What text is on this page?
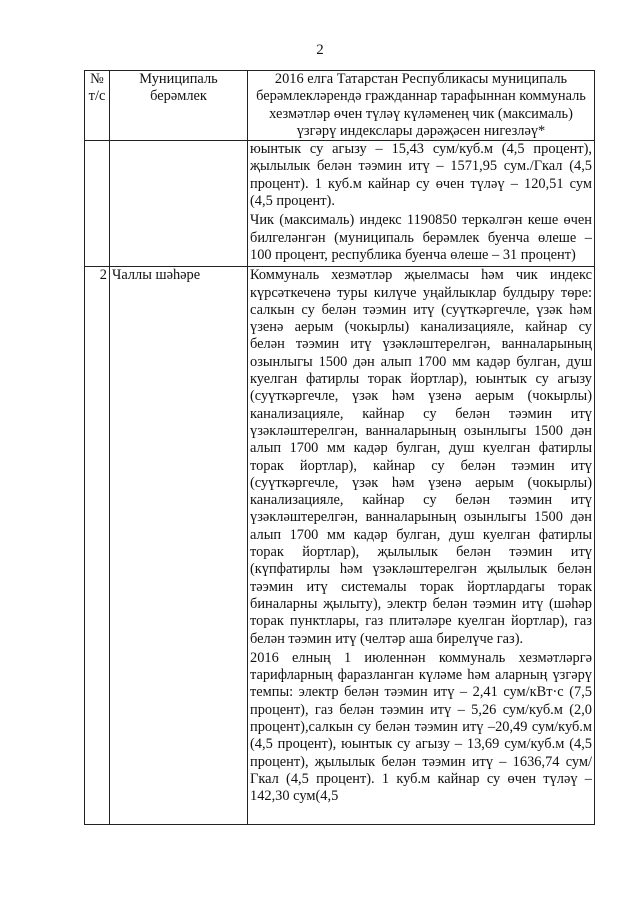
2
№ т/с	Муниципаль берәмлек	2016 елга Татарстан Республикасы муниципаль берәмлекләрендә гражданнар тарафыннан коммуналь хезмәтләр өчен түләү күләменең чик (максималь) үзгәрү индекслары дәрәҗәсен нигезләү*

		юынтык су агызу – 15,43 сум/куб.м (4,5 процент), җылылык белән тәэмин итү – 1571,95 сум./Гкал (4,5 процент). 1 куб.м кайнар су өчен түләү – 120,51 сум (4,5 процент).

Чик (максималь) индекс 1190850 теркәлгән кеше өчен билгеләнгән (муниципаль берәмлек буенча өлеше – 100 процент, республика буенча өлеше – 31 процент)

2	Чаллы шәһәре	Коммуналь хезмәтләр җыелмасы һәм чик индекс күрсәткеченә туры килүче уңайлыклар булдыру төре: салкын су белән тәэмин итү (суүткәргечле, үзәк һәм үзенә аерым (чокырлы) канализацияле, кайнар су белән тәэмин итү үзәкләштерелгән, ванналарының озынлыгы 1500 дән алып 1700 мм кадәр булган, душ куелган фатирлы торак йортлар), юынтык су агызу (суүткәргечле, үзәк һәм үзенә аерым (чокырлы) канализацияле, кайнар су белән тәэмин итү үзәкләштерелгән, ванналарының озынлыгы 1500 дән алып 1700 мм кадәр булган, душ куелган фатирлы торак йортлар), кайнар су белән тәэмин итү (суүткәргечле, үзәк һәм үзенә аерым (чокырлы) канализацияле, кайнар су белән тәэмин итү үзәкләштерелгән, ванналарының озынлыгы 1500 дән алып 1700 мм кадәр булган, душ куелган фатирлы торак йортлар), җылылык белән тәэмин итү (күпфатирлы һәм үзәкләштерелгән җылылык белән тәэмин итү системалы торак йортлардагы торак биналарны җылыту), электр белән тәэмин итү (шәһәр торак пунктлары, газ плитәләре куелган йортлар), газ белән тәэмин итү (челтәр аша бирелүче газ).

2016 елның 1 июленнән коммуналь хезмәтләргә тарифларның фаразланган күләме һәм аларның үзгәрү темпы: электр белән тәэмин итү – 2,41 сум/кВт·с (7,5 процент), газ белән тәэмин итү – 5,26 сум/куб.м (2,0 процент),салкын су белән тәэмин итү –20,49 сум/куб.м (4,5 процент), юынтык су агызу – 13,69 сум/куб.м (4,5 процент), җылылык белән тәэмин итү – 1636,74 сум/Гкал (4,5 процент). 1 куб.м кайнар су өчен түләү – 142,30 сум(4,5
